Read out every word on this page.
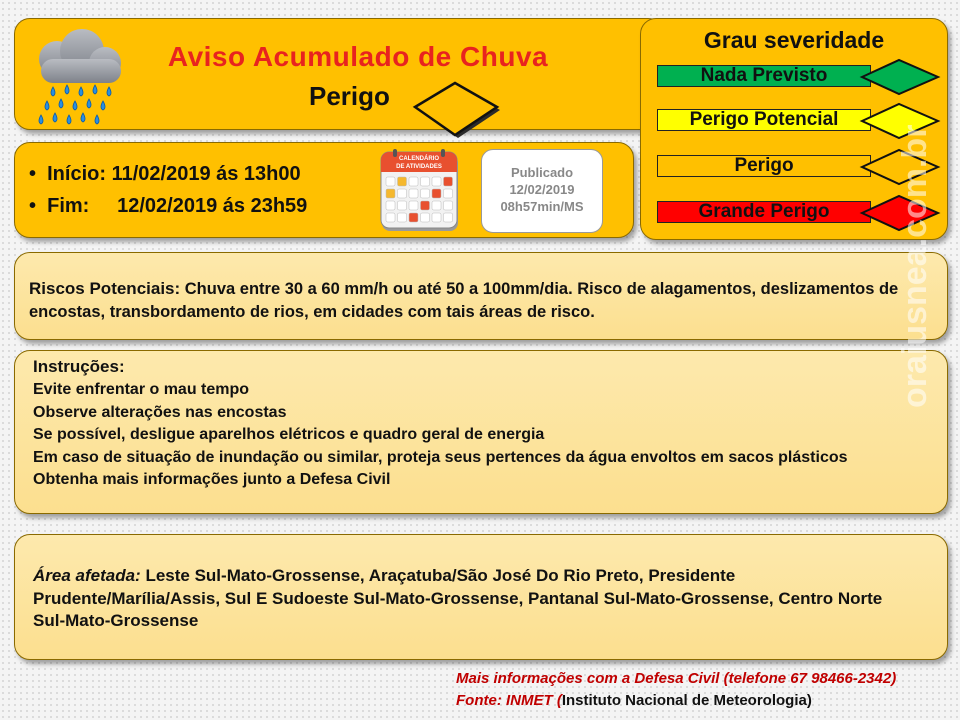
Aviso Acumulado de Chuva
Perigo
Grau severidade
Nada Previsto
Perigo Potencial
Perigo
Grande Perigo
•  Início: 11/02/2019 ás 13h00
•  Fim:     12/02/2019 ás 23h59
CALENDÁRIO
DE ATIVIDADES	Publicado
12/02/2019
08h57min/MS
Riscos Potenciais: Chuva entre 30 a 60 mm/h ou até 50 a 100mm/dia. Risco de alagamentos, deslizamentos de encostas, transbordamento de rios, em cidades com tais áreas de risco.
Instruções:
Evite enfrentar o mau tempo
Observe alterações nas encostas
Se possível, desligue aparelhos elétricos e quadro geral de energia
Em caso de situação de inundação ou similar, proteja seus pertences da água envoltos em sacos plásticos
Obtenha mais informações junto a Defesa Civil
Área afetada: Leste Sul-Mato-Grossense, Araçatuba/São José Do Rio Preto, Presidente Prudente/Marília/Assis, Sul E Sudoeste Sul-Mato-Grossense, Pantanal Sul-Mato-Grossense, Centro Norte Sul-Mato-Grossense
Mais informações com a Defesa Civil (telefone 67 98466-2342)
Fonte: INMET (Instituto Nacional de Meteorologia)
